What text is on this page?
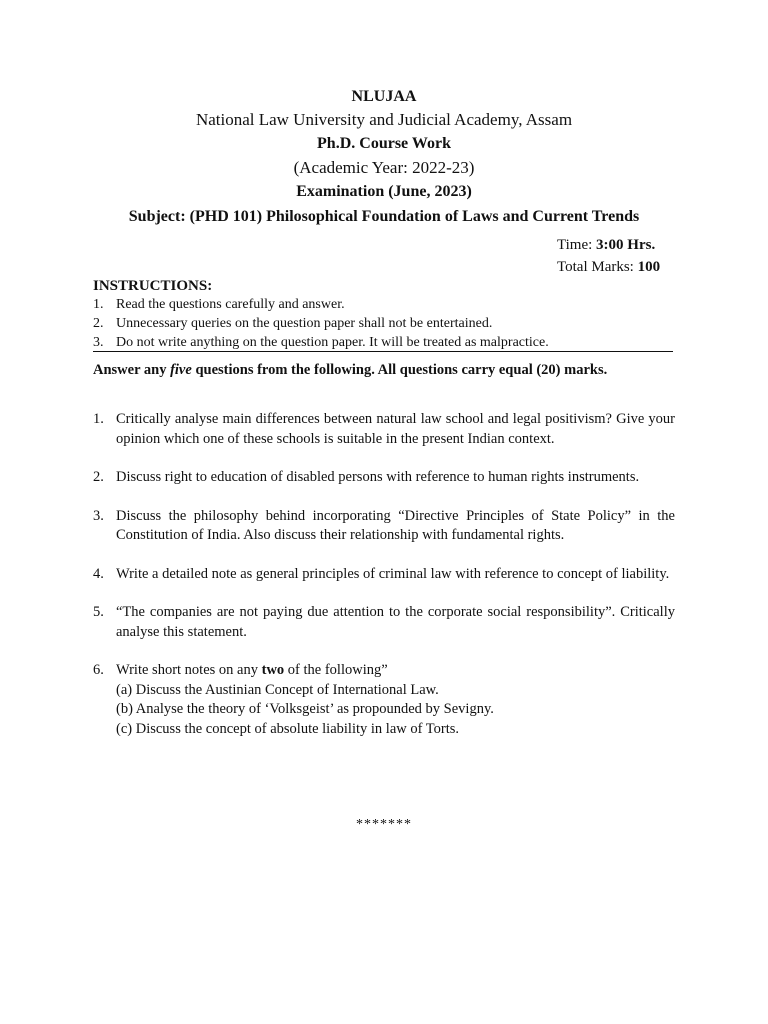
NLUJAA
National Law University and Judicial Academy, Assam
Ph.D. Course Work
(Academic Year: 2022-23)
Examination (June, 2023)
Subject: (PHD 101) Philosophical Foundation of Laws and Current Trends
Time: 3:00 Hrs.
Total Marks: 100
INSTRUCTIONS:
1. Read the questions carefully and answer.
2. Unnecessary queries on the question paper shall not be entertained.
3. Do not write anything on the question paper. It will be treated as malpractice.
Answer any five questions from the following. All questions carry equal (20) marks.
1. Critically analyse main differences between natural law school and legal positivism? Give your opinion which one of these schools is suitable in the present Indian context.
2. Discuss right to education of disabled persons with reference to human rights instruments.
3. Discuss the philosophy behind incorporating “Directive Principles of State Policy” in the Constitution of India. Also discuss their relationship with fundamental rights.
4. Write a detailed note as general principles of criminal law with reference to concept of liability.
5. “The companies are not paying due attention to the corporate social responsibility”. Critically analyse this statement.
6. Write short notes on any two of the following”
(a) Discuss the Austinian Concept of International Law.
(b) Analyse the theory of ‘Volksgeist’ as propounded by Sevigny.
(c) Discuss the concept of absolute liability in law of Torts.
*******
